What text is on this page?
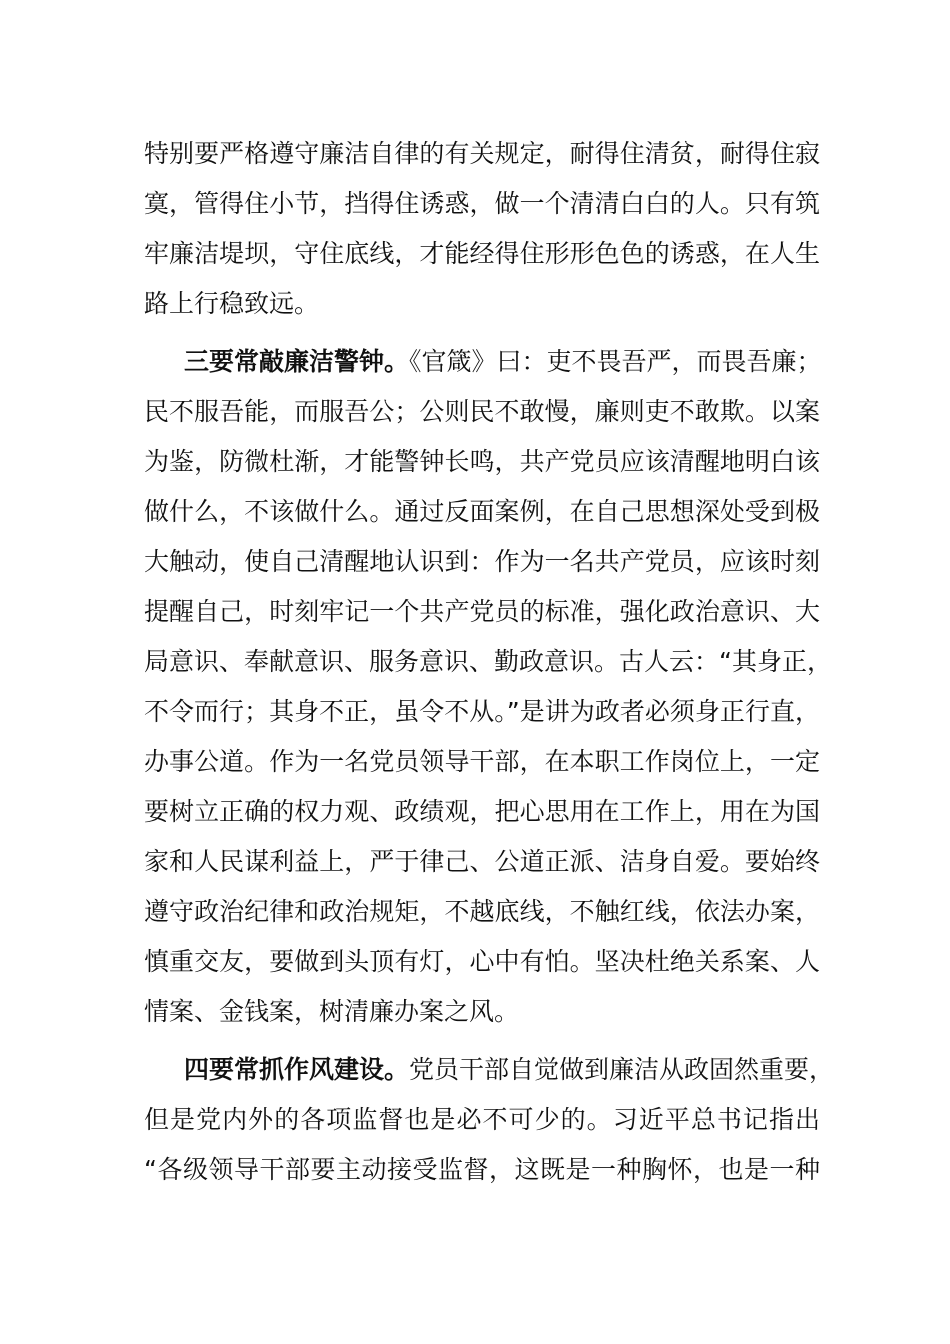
特别要严格遵守廉洁自律的有关规定，耐得住清贫，耐得住寂
寞，管得住小节，挡得住诱惑，做一个清清白白的人。只有筑
牢廉洁堤坝，守住底线，才能经得住形形色色的诱惑，在人生
路上行稳致远。
三要常敲廉洁警钟。《官箴》曰：吏不畏吾严，而畏吾廉；
民不服吾能，而服吾公；公则民不敢慢，廉则吏不敢欺。以案
为鉴，防微杜渐，才能警钟长鸣，共产党员应该清醒地明白该
做什么，不该做什么。通过反面案例，在自己思想深处受到极
大触动，使自己清醒地认识到：作为一名共产党员，应该时刻
提醒自己，时刻牢记一个共产党员的标准，强化政治意识、大
局意识、奉献意识、服务意识、勤政意识。古人云：“其身正，
不令而行；其身不正，虽令不从。”是讲为政者必须身正行直，
办事公道。作为一名党员领导干部，在本职工作岗位上，一定
要树立正确的权力观、政绩观，把心思用在工作上，用在为国
家和人民谋利益上，严于律己、公道正派、洁身自爱。要始终
遵守政治纪律和政治规矩，不越底线，不触红线，依法办案，
慎重交友，要做到头顶有灯，心中有怕。坚决杜绝关系案、人
情案、金钱案，树清廉办案之风。
四要常抓作风建设。党员干部自觉做到廉洁从政固然重要，
但是党内外的各项监督也是必不可少的。习近平总书记指出
“各级领导干部要主动接受监督，这既是一种胸怀，也是一种
